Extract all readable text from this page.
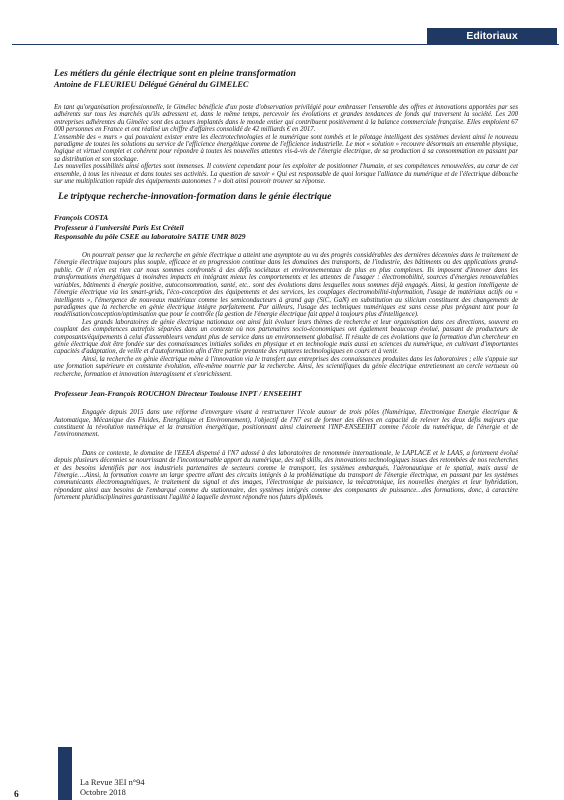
Editoriaux

Les métiers du génie électrique sont en pleine transformation

Antoine de FLEURIEU Délégué Général du GIMELEC

En tant qu'organisation professionnelle, le Gimélec bénéficie d'un poste d'observation privilégié pour embrasser l'ensemble des offres et innovations apportées par ses adhérents sur tous les marchés qu'ils adressent et, dans le même temps, percevoir les évolutions et grandes tendances de fonds qui traversent la société. Les 200 entreprises adhérentes du Gimélec sont des acteurs implantés dans le monde entier qui contribuent positivement à la balance commerciale française. Elles emploient 67 000 personnes en France et ont réalisé un chiffre d'affaires consolidé de 42 milliards € en 2017.

L'ensemble des « murs » qui pouvaient exister entre les électrotechnologies et le numérique sont tombés et le pilotage intelligent des systèmes devient ainsi le nouveau paradigme de toutes les solutions au service de l'efficience énergétique comme de l'efficience industrielle. Le mot « solution » recouvre désormais un ensemble physique, logique et virtuel complet et cohérent pour répondre à toutes les nouvelles attentes vis-à-vis de l'énergie électrique, de sa production à sa consommation en passant par sa distribution et son stockage.

Les nouvelles possibilités ainsi offertes sont immenses. Il convient cependant pour les exploiter de positionner l'humain, et ses compétences renouvelées, au cœur de cet ensemble, à tous les niveaux et dans toutes ses activités. La question de savoir « Qui est responsable de quoi lorsque l'alliance du numérique et de l'électrique débouche sur une multiplication rapide des équipements autonomes ? » doit ainsi pouvoir trouver sa réponse.

Le triptyque recherche-innovation-formation dans le génie électrique

François COSTA

Professeur à l'université Paris Est Créteil

Responsable du pôle CSEE au laboratoire SATIE UMR 8029

On pourrait penser que la recherche en génie électrique a atteint une asymptote au vu des progrès considérables des dernières décennies dans le traitement de l'énergie électrique toujours plus souple, efficace et en progression continue dans les domaines des transports, de l'industrie, des bâtiments ou des applications grand-public. Or il n'en est rien car nous sommes confrontés à des défis sociétaux et environnementaux de plus en plus complexes. Ils imposent d'innover dans les transformations énergétiques à moindres impacts en intégrant mieux les comportements et les attentes de l'usager : électromobilité, sources d'énergies renouvelables variables, bâtiments à énergie positive, autoconsommation, santé, etc.. sont des évolutions dans lesquelles nous sommes déjà engagés. Ainsi, la gestion intelligente de l'énergie électrique via les smart-grids, l'éco-conception des équipements et des services, les couplages électromobilité-information, l'usage de matériaux actifs ou « intelligents », l'émergence de nouveaux matériaux comme les semiconducteurs à grand gap (SiC, GaN) en substitution au silicium constituent des changements de paradigmes que la recherche en génie électrique intègre parfaitement. Par ailleurs, l'usage des techniques numériques est sans cesse plus prégnant tant pour la modélisation/conception/optimisation que pour le contrôle (la gestion de l'énergie électrique fait appel à toujours plus d'intelligence).

Les grands laboratoires de génie électrique nationaux ont ainsi fait évoluer leurs thèmes de recherche et leur organisation dans ces directions, souvent en couplant des compétences autrefois séparées dans un contexte où nos partenaires socio-économiques ont également beaucoup évolué, passant de producteurs de composants/équipements à celui d'assembleurs vendant plus de service dans un environnement globalisé. Il résulte de ces évolutions que la formation d'un chercheur en génie électrique doit être fondée sur des connaissances initiales solides en physique et en technologie mais aussi en sciences du numérique, en cultivant d'importantes capacités d'adaptation, de veille et d'autoformation afin d'être partie prenante des ruptures technologiques en cours et à venir.

Ainsi, la recherche en génie électrique mène à l'innovation via le transfert aux entreprises des connaissances produites dans les laboratoires ; elle s'appuie sur une formation supérieure en constante évolution, elle-même nourrie par la recherche. Ainsi, les scientifiques du génie électrique entretiennent un cercle vertueux où recherche, formation et innovation interagissent et s'enrichissent.

Professeur Jean-François ROUCHON Directeur Toulouse INPT / ENSEEIHT

Engagée depuis 2015 dans une réforme d'envergure visant à restructurer l'école autour de trois pôles (Numérique, Electronique Energie électrique & Automatique, Mécanique des Fluides, Energétique et Environnement), l'objectif de l'N7 est de former des élèves en capacité de relever les deux défis majeurs que constituent la révolution numérique et la transition énergétique, positionnant ainsi clairement l'INP-ENSEEIHT comme l'école du numérique, de l'énergie et de l'environnement.

Dans ce contexte, le domaine de l'EEEA dispensé à l'N7 adossé à des laboratoires de renommée internationale, le LAPLACE et le LAAS, a fortement évolué depuis plusieurs décennies se nourrissant de l'incontournable apport du numérique, des soft skills, des innovations technologiques issues des retombées de nos recherches et des besoins identifiés par nos industriels partenaires de secteurs comme le transport, les systèmes embarqués, l'aéronautique et le spatial, mais aussi de l'énergie….Ainsi, la formation couvre un large spectre allant des circuits intégrés à la problématique du transport de l'énergie électrique, en passant par les systèmes communicants électromagnétiques, le traitement du signal et des images, l'électronique de puissance, la mécatronique, les nouvelles énergies et leur hybridation, répondant ainsi aux besoins de l'embarqué comme du stationnaire, des systèmes intégrés comme des composants de puissance…des formations, donc, à caractère fortement pluridisciplinaires garantissant l'agilité à laquelle devront répondre nos futurs diplômés.

6
La Revue 3EI n°94
Octobre 2018
